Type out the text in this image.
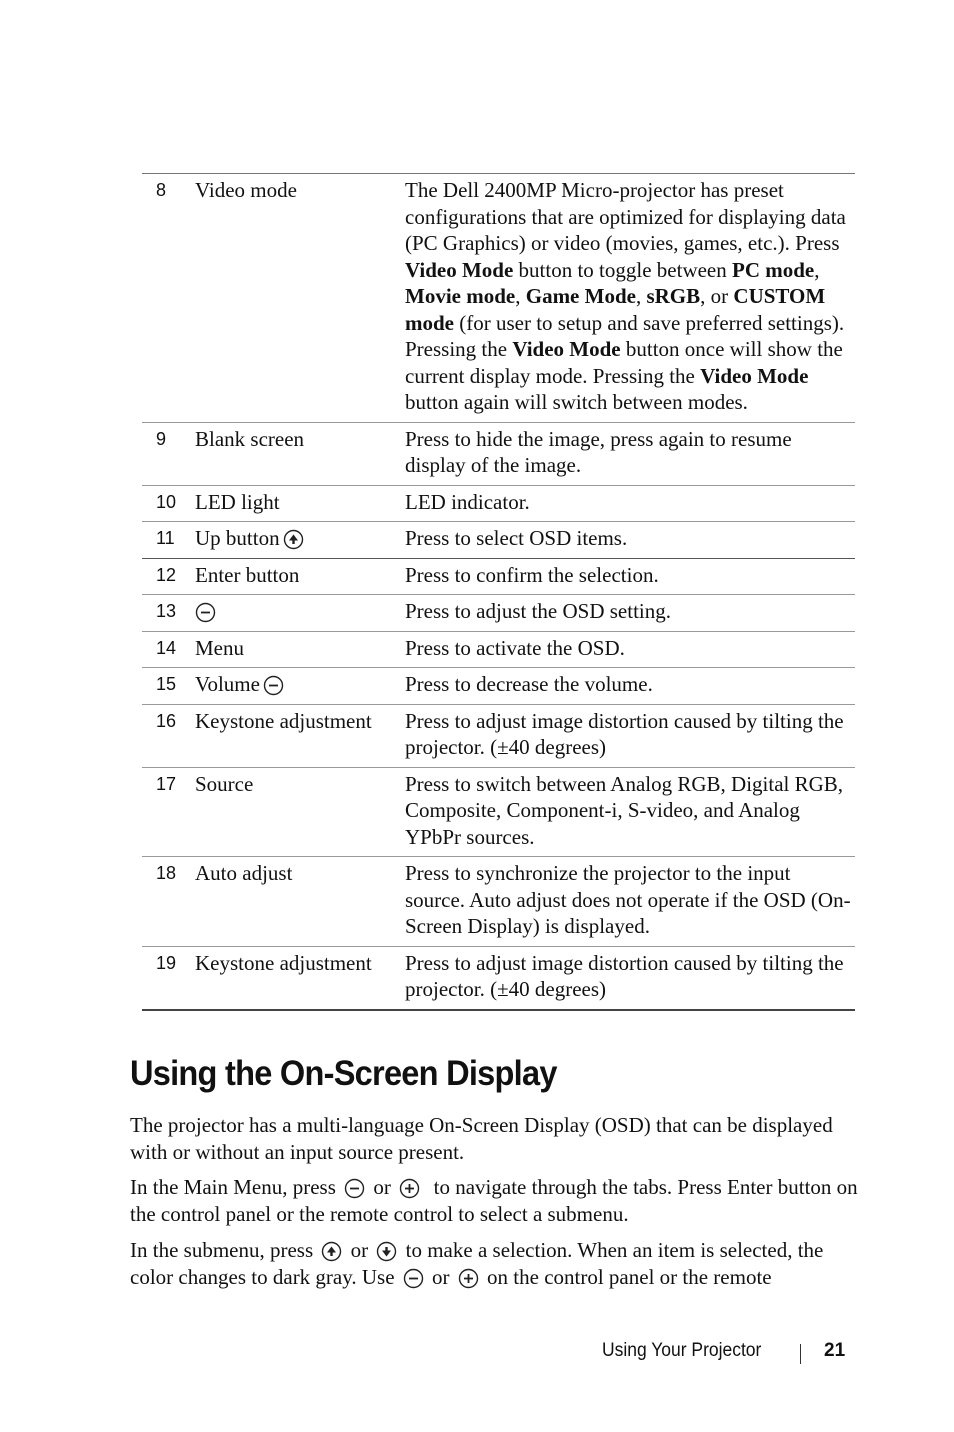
8	Video mode	The Dell 2400MP Micro-projector has preset configurations that are optimized for displaying data (PC Graphics) or video (movies, games, etc.). Press Video Mode button to toggle between PC mode, Movie mode, Game Mode, sRGB, or CUSTOM mode (for user to setup and save preferred settings). Pressing the Video Mode button once will show the current display mode. Pressing the Video Mode button again will switch between modes.
9	Blank screen	Press to hide the image, press again to resume display of the image.
10	LED light	LED indicator.
11	Up button	Press to select OSD items.
12	Enter button	Press to confirm the selection.
13		Press to adjust the OSD setting.
14	Menu	Press to activate the OSD.
15	Volume	Press to decrease the volume.
16	Keystone adjustment	Press to adjust image distortion caused by tilting the projector. (±40 degrees)
17	Source	Press to switch between Analog RGB, Digital RGB, Composite, Component-i, S-video, and Analog YPbPr sources.
18	Auto adjust	Press to synchronize the projector to the input source. Auto adjust does not operate if the OSD (On-Screen Display) is displayed.
19	Keystone adjustment	Press to adjust image distortion caused by tilting the projector. (±40 degrees)
Using the On-Screen Display

The projector has a multi-language On-Screen Display (OSD) that can be displayed with or without an input source present.

In the Main Menu, press  or   to navigate through the tabs. Press Enter button on the control panel or the remote control to select a submenu.

In the submenu, press  or  to make a selection. When an item is selected, the color changes to dark gray. Use  or  on the control panel or the remote

Using Your Projector	21
